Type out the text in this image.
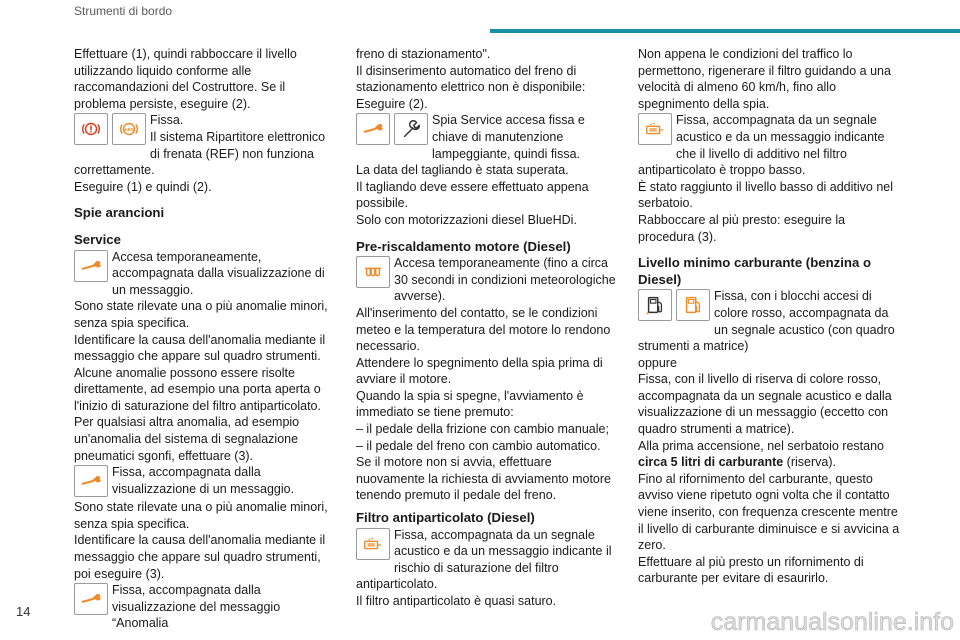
Strumenti di bordo

Effettuare (1), quindi rabboccare il livello utilizzando liquido conforme alle raccomandazioni del Costruttore. Se il problema persiste, eseguire (2).

Fissa.

Il sistema Ripartitore elettronico di frenata (REF) non funziona correttamente.

Eseguire (1) e quindi (2).

Spie arancioni

Service

Accesa temporaneamente, accompagnata dalla visualizzazione di un messaggio.

Sono state rilevate una o più anomalie minori, senza spia specifica.

Identificare la causa dell'anomalia mediante il messaggio che appare sul quadro strumenti.

Alcune anomalie possono essere risolte direttamente, ad esempio una porta aperta o l'inizio di saturazione del filtro antiparticolato.

Per qualsiasi altra anomalia, ad esempio un'anomalia del sistema di segnalazione pneumatici sgonfi, effettuare (3).

Fissa, accompagnata dalla visualizzazione di un messaggio.

Sono state rilevate una o più anomalie minori, senza spia specifica.

Identificare la causa dell'anomalia mediante il messaggio che appare sul quadro strumenti, poi eseguire (3).

Fissa, accompagnata dalla visualizzazione del messaggio “Anomalia

freno di stazionamento".

Il disinserimento automatico del freno di stazionamento elettrico non è disponibile: Eseguire (2).

Spia Service accesa fissa e chiave di manutenzione lampeggiante, quindi fissa.

La data del tagliando è stata superata.

Il tagliando deve essere effettuato appena possibile.

Solo con motorizzazioni diesel BlueHDi.

Pre-riscaldamento motore (Diesel)

Accesa temporaneamente (fino a circa 30 secondi in condizioni meteorologiche avverse).

All'inserimento del contatto, se le condizioni meteo e la temperatura del motore lo rendono necessario.

Attendere lo spegnimento della spia prima di avviare il motore.

Quando la spia si spegne, l'avviamento è immediato se tiene premuto:

– il pedale della frizione con cambio manuale;

– il pedale del freno con cambio automatico.

Se il motore non si avvia, effettuare nuovamente la richiesta di avviamento motore tenendo premuto il pedale del freno.

Filtro antiparticolato (Diesel)

Fissa, accompagnata da un segnale acustico e da un messaggio indicante il rischio di saturazione del filtro antiparticolato.

Il filtro antiparticolato è quasi saturo.

Non appena le condizioni del traffico lo permettono, rigenerare il filtro guidando a una velocità di almeno 60 km/h, fino allo spegnimento della spia.

Fissa, accompagnata da un segnale acustico e da un messaggio indicante che il livello di additivo nel filtro antiparticolato è troppo basso.

È stato raggiunto il livello basso di additivo nel serbatoio.

Rabboccare al più presto: eseguire la procedura (3).

Livello minimo carburante (benzina o Diesel)

Fissa, con i blocchi accesi di colore rosso, accompagnata da un segnale acustico (con quadro strumenti a matrice)

oppure

Fissa, con il livello di riserva di colore rosso, accompagnata da un segnale acustico e dalla visualizzazione di un messaggio (eccetto con quadro strumenti a matrice).

Alla prima accensione, nel serbatoio restano circa 5 litri di carburante (riserva).

Fino al rifornimento del carburante, questo avviso viene ripetuto ogni volta che il contatto viene inserito, con frequenza crescente mentre il livello di carburante diminuisce e si avvicina a zero.

Effettuare al più presto un rifornimento di carburante per evitare di esaurirlo.

14	carmanualsonline.info
